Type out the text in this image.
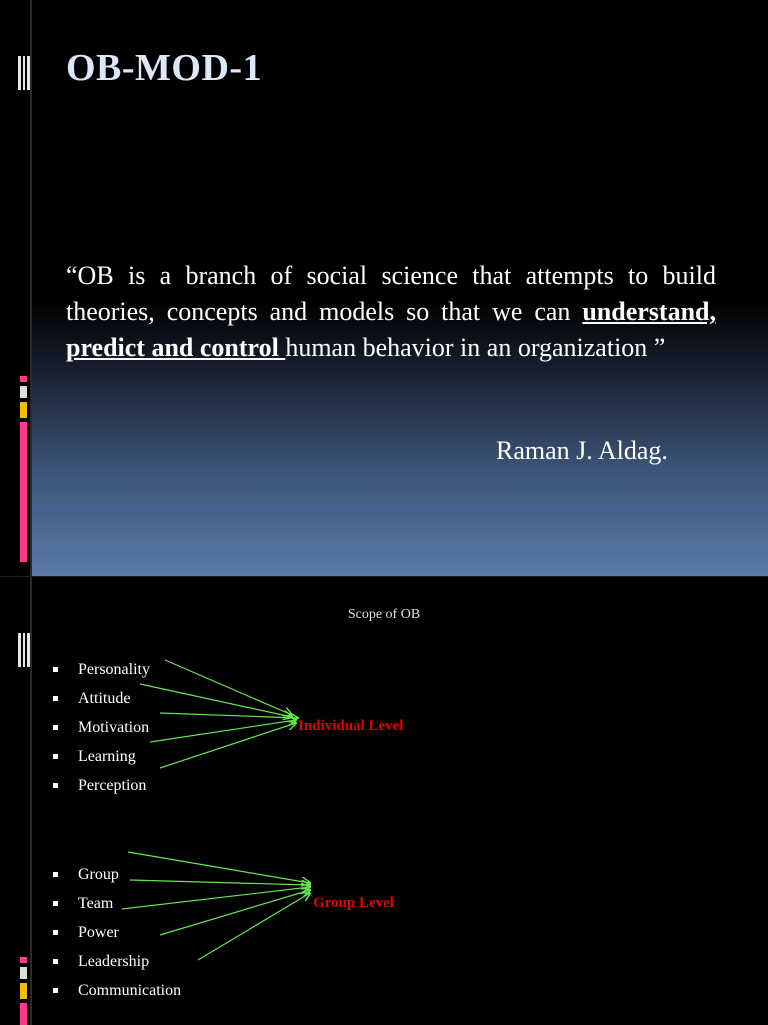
OB-MOD-1

“OB is a branch of social science that attempts to build theories, concepts and models so that we can understand, predict and control human behavior in an organization ”

Raman J. Aldag.
Scope of OB
Personality
Attitude
Motivation
Learning
Perception
Individual Level
Group
Team
Power
Leadership
Communication
Group Level
